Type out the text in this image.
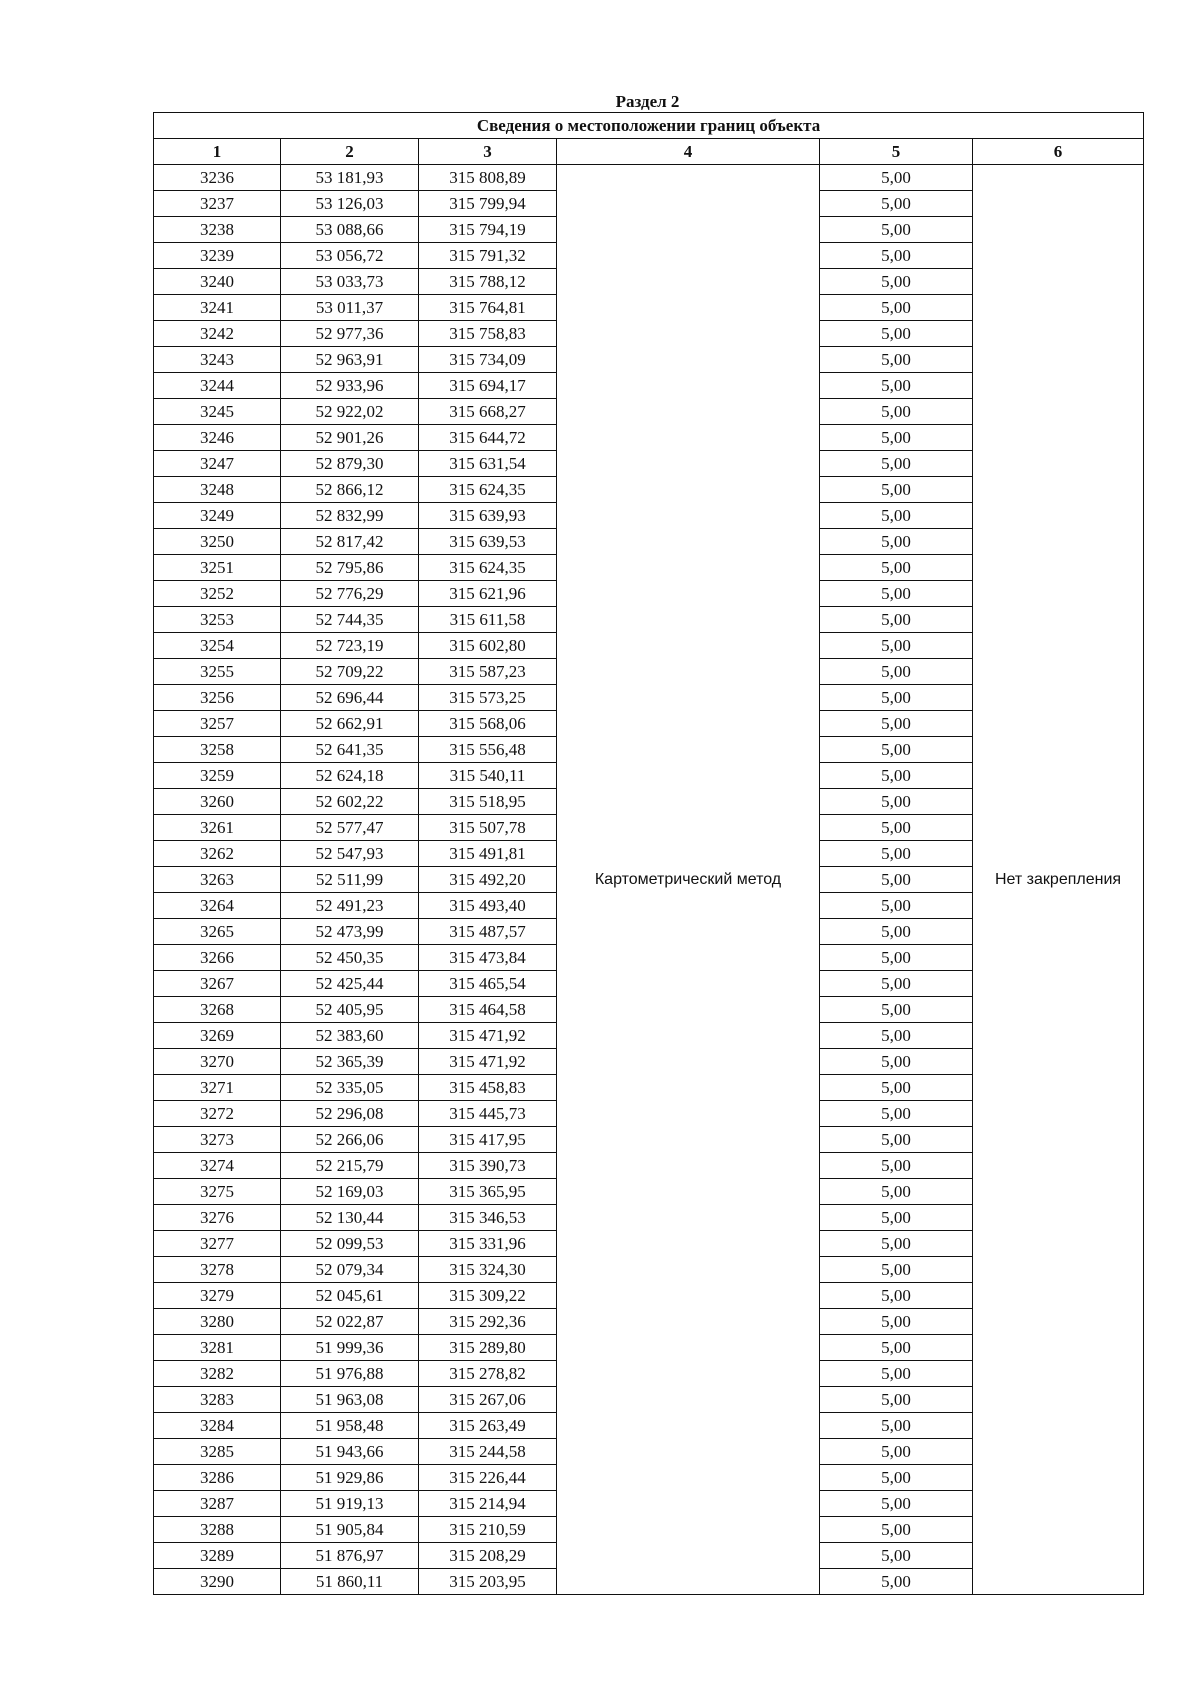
Раздел 2
Сведения о местоположении границ объекта					
1	2	3	4	5	6
3236	53 181,93	315 808,89	Картометрический метод	5,00	Нет закрепления
3237	53 126,03	315 799,94		5,00	
3238	53 088,66	315 794,19		5,00	
3239	53 056,72	315 791,32		5,00	
3240	53 033,73	315 788,12		5,00	
3241	53 011,37	315 764,81		5,00	
3242	52 977,36	315 758,83		5,00	
3243	52 963,91	315 734,09		5,00	
3244	52 933,96	315 694,17		5,00	
3245	52 922,02	315 668,27		5,00	
3246	52 901,26	315 644,72		5,00	
3247	52 879,30	315 631,54		5,00	
3248	52 866,12	315 624,35		5,00	
3249	52 832,99	315 639,93		5,00	
3250	52 817,42	315 639,53		5,00	
3251	52 795,86	315 624,35		5,00	
3252	52 776,29	315 621,96		5,00	
3253	52 744,35	315 611,58		5,00	
3254	52 723,19	315 602,80		5,00	
3255	52 709,22	315 587,23		5,00	
3256	52 696,44	315 573,25		5,00	
3257	52 662,91	315 568,06		5,00	
3258	52 641,35	315 556,48		5,00	
3259	52 624,18	315 540,11		5,00	
3260	52 602,22	315 518,95		5,00	
3261	52 577,47	315 507,78		5,00	
3262	52 547,93	315 491,81		5,00	
3263	52 511,99	315 492,20		5,00	
3264	52 491,23	315 493,40		5,00	
3265	52 473,99	315 487,57		5,00	
3266	52 450,35	315 473,84		5,00	
3267	52 425,44	315 465,54		5,00	
3268	52 405,95	315 464,58		5,00	
3269	52 383,60	315 471,92		5,00	
3270	52 365,39	315 471,92		5,00	
3271	52 335,05	315 458,83		5,00	
3272	52 296,08	315 445,73		5,00	
3273	52 266,06	315 417,95		5,00	
3274	52 215,79	315 390,73		5,00	
3275	52 169,03	315 365,95		5,00	
3276	52 130,44	315 346,53		5,00	
3277	52 099,53	315 331,96		5,00	
3278	52 079,34	315 324,30		5,00	
3279	52 045,61	315 309,22		5,00	
3280	52 022,87	315 292,36		5,00	
3281	51 999,36	315 289,80		5,00	
3282	51 976,88	315 278,82		5,00	
3283	51 963,08	315 267,06		5,00	
3284	51 958,48	315 263,49		5,00	
3285	51 943,66	315 244,58		5,00	
3286	51 929,86	315 226,44		5,00	
3287	51 919,13	315 214,94		5,00	
3288	51 905,84	315 210,59		5,00	
3289	51 876,97	315 208,29		5,00	
3290	51 860,11	315 203,95		5,00	
